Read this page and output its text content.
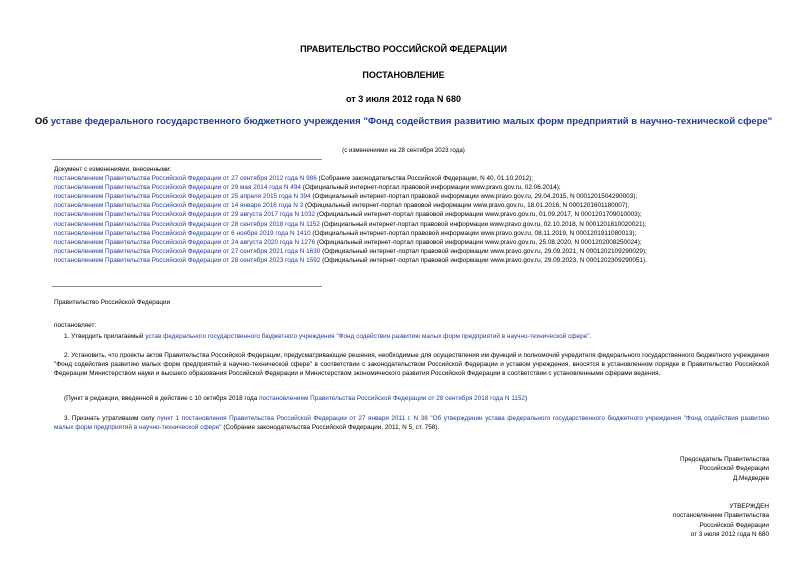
ПРАВИТЕЛЬСТВО РОССИЙСКОЙ ФЕДЕРАЦИИ
ПОСТАНОВЛЕНИЕ
от 3 июля 2012 года N 680
Об уставе федерального государственного бюджетного учреждения "Фонд содействия развитию малых форм предприятий в научно-технической сфере"
(с изменениями на 28 сентября 2023 года)
Документ с изменениями, внесенными:
постановлением Правительства Российской Федерации от 27 сентября 2012 года N 986 (Собрание законодательства Российской Федерации, N 40, 01.10.2012);
постановлением Правительства Российской Федерации от 29 мая 2014 года N 494 (Официальный интернет-портал правовой информации www.pravo.gov.ru, 02.06.2014);
постановлением Правительства Российской Федерации от 25 апреля 2015 года N 394 (Официальный интернет-портал правовой информации www.pravo.gov.ru, 29.04.2015, N 0001201504290003);
постановлением Правительства Российской Федерации от 14 января 2016 года N 3 (Официальный интернет-портал правовой информации www.pravo.gov.ru, 18.01.2016, N 0001201601180007);
постановлением Правительства Российской Федерации от 29 августа 2017 года N 1032 (Официальный интернет-портал правовой информации www.pravo.gov.ru, 01.09.2017, N 0001201709010003);
постановлением Правительства Российской Федерации от 28 сентября 2018 года N 1152 (Официальный интернет-портал правовой информации www.pravo.gov.ru, 02.10.2018, N 0001201810020021);
постановлением Правительства Российской Федерации от 6 ноября 2019 года N 1410 (Официальный интернет-портал правовой информации www.pravo.gov.ru, 08.11.2019, N 0001201911080013);
постановлением Правительства Российской Федерации от 24 августа 2020 года N 1276 (Официальный интернет-портал правовой информации www.pravo.gov.ru, 25.08.2020, N 0001202008250024);
постановлением Правительства Российской Федерации от 27 сентября 2021 года N 1630 (Официальный интернет-портал правовой информации www.pravo.gov.ru, 29.09.2021, N 0001202109290029);
постановлением Правительства Российской Федерации от 28 сентября 2023 года N 1592 (Официальный интернет-портал правовой информации www.pravo.gov.ru, 29.09.2023, N 0001202309290051).
Правительство Российской Федерации
постановляет:
1. Утвердить прилагаемый устав федерального государственного бюджетного учреждения "Фонд содействия развитию малых форм предприятий в научно-технической сфере".
2. Установить, что проекты актов Правительства Российской Федерации, предусматривающие решения, необходимые для осуществления им функций и полномочий учредителя федерального государственного бюджетного учреждения "Фонд содействия развитию малых форм предприятий в научно-технической сфере" в соответствии с законодательством Российской Федерации и уставом учреждения, вносятся в установленном порядке в Правительство Российской Федерации Министерством науки и высшего образования Российской Федерации и Министерством экономического развития Российской Федерации в соответствии с установленными сферами ведения.
(Пункт в редакции, введенной в действие с 10 октября 2018 года постановлением Правительства Российской Федерации от 28 сентября 2018 года N 1152)
3. Признать утратившим силу пункт 1 постановления Правительства Российской Федерации от 27 января 2011 г. N 38 "Об утверждении устава федерального государственного бюджетного учреждения "Фонд содействия развитию малых форм предприятий в научно-технической сфере" (Собрание законодательства Российской Федерации, 2011, N 5, ст. 758).
Председатель Правительства
Российской Федерации
Д.Медведев
УТВЕРЖДЕН
постановлением Правительства
Российской Федерации
от 3 июля 2012 года N 680
